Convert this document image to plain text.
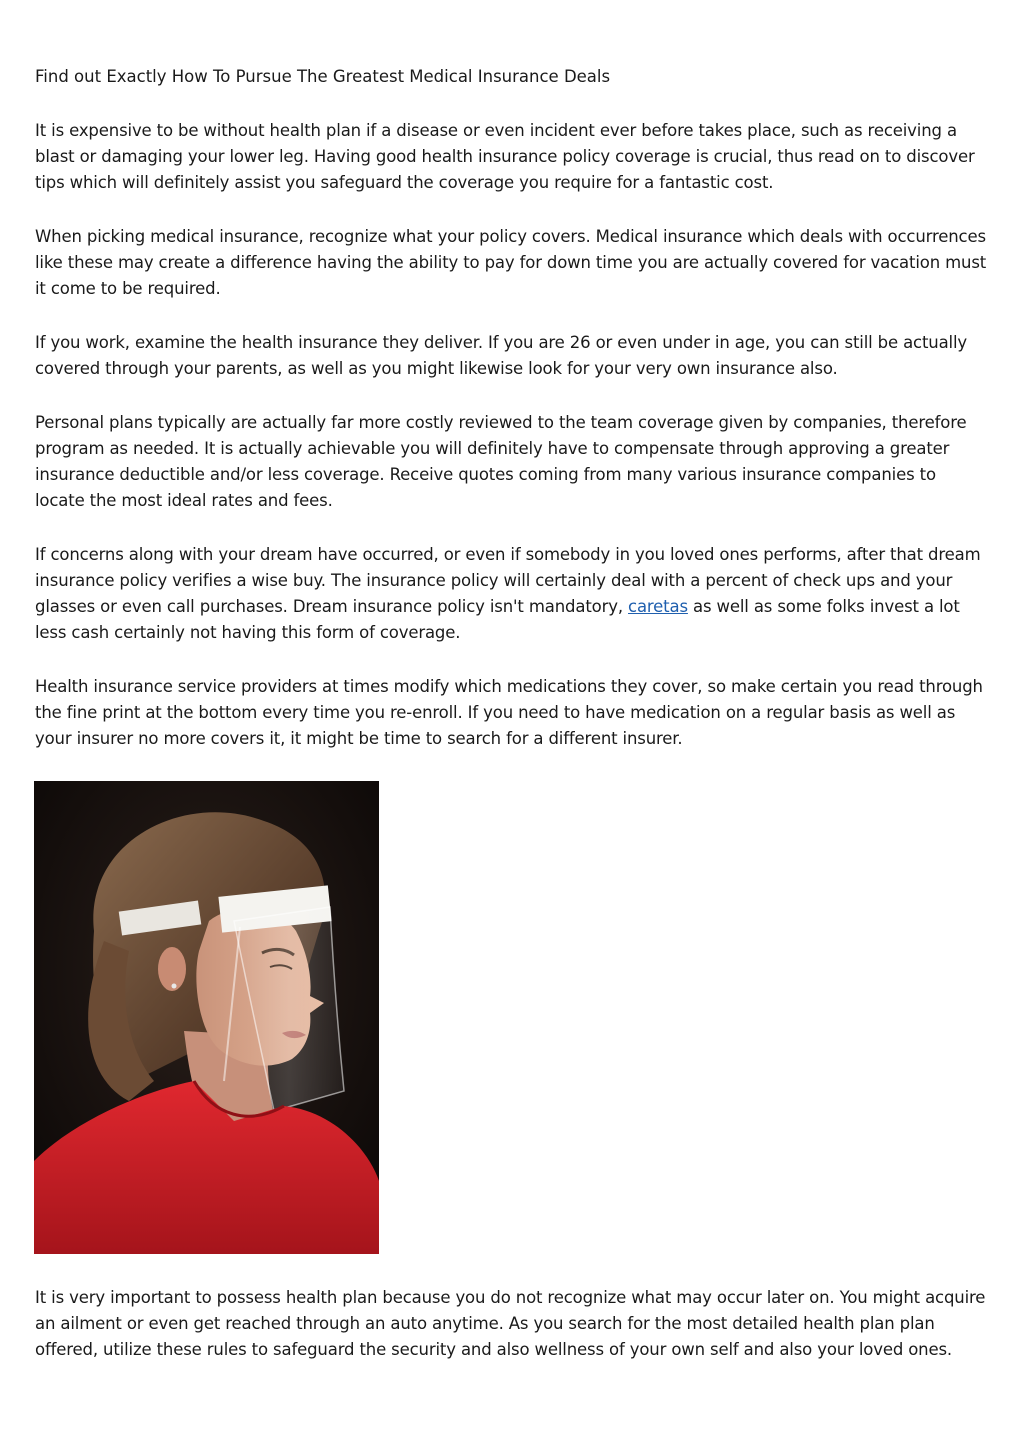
Find out Exactly How To Pursue The Greatest Medical Insurance Deals

It is expensive to be without health plan if a disease or even incident ever before takes place, such as receiving a blast or damaging your lower leg. Having good health insurance policy coverage is crucial, thus read on to discover tips which will definitely assist you safeguard the coverage you require for a fantastic cost.

When picking medical insurance, recognize what your policy covers. Medical insurance which deals with occurrences like these may create a difference having the ability to pay for down time you are actually covered for vacation must it come to be required.

If you work, examine the health insurance they deliver. If you are 26 or even under in age, you can still be actually covered through your parents, as well as you might likewise look for your very own insurance also.

Personal plans typically are actually far more costly reviewed to the team coverage given by companies, therefore program as needed. It is actually achievable you will definitely have to compensate through approving a greater insurance deductible and/or less coverage. Receive quotes coming from many various insurance companies to locate the most ideal rates and fees.

If concerns along with your dream have occurred, or even if somebody in you loved ones performs, after that dream insurance policy verifies a wise buy. The insurance policy will certainly deal with a percent of check ups and your glasses or even call purchases. Dream insurance policy isn't mandatory, caretas as well as some folks invest a lot less cash certainly not having this form of coverage.

Health insurance service providers at times modify which medications they cover, so make certain you read through the fine print at the bottom every time you re-enroll. If you need to have medication on a regular basis as well as your insurer no more covers it, it might be time to search for a different insurer.

It is very important to possess health plan because you do not recognize what may occur later on. You might acquire an ailment or even get reached through an auto anytime. As you search for the most detailed health plan plan offered, utilize these rules to safeguard the security and also wellness of your own self and also your loved ones.
